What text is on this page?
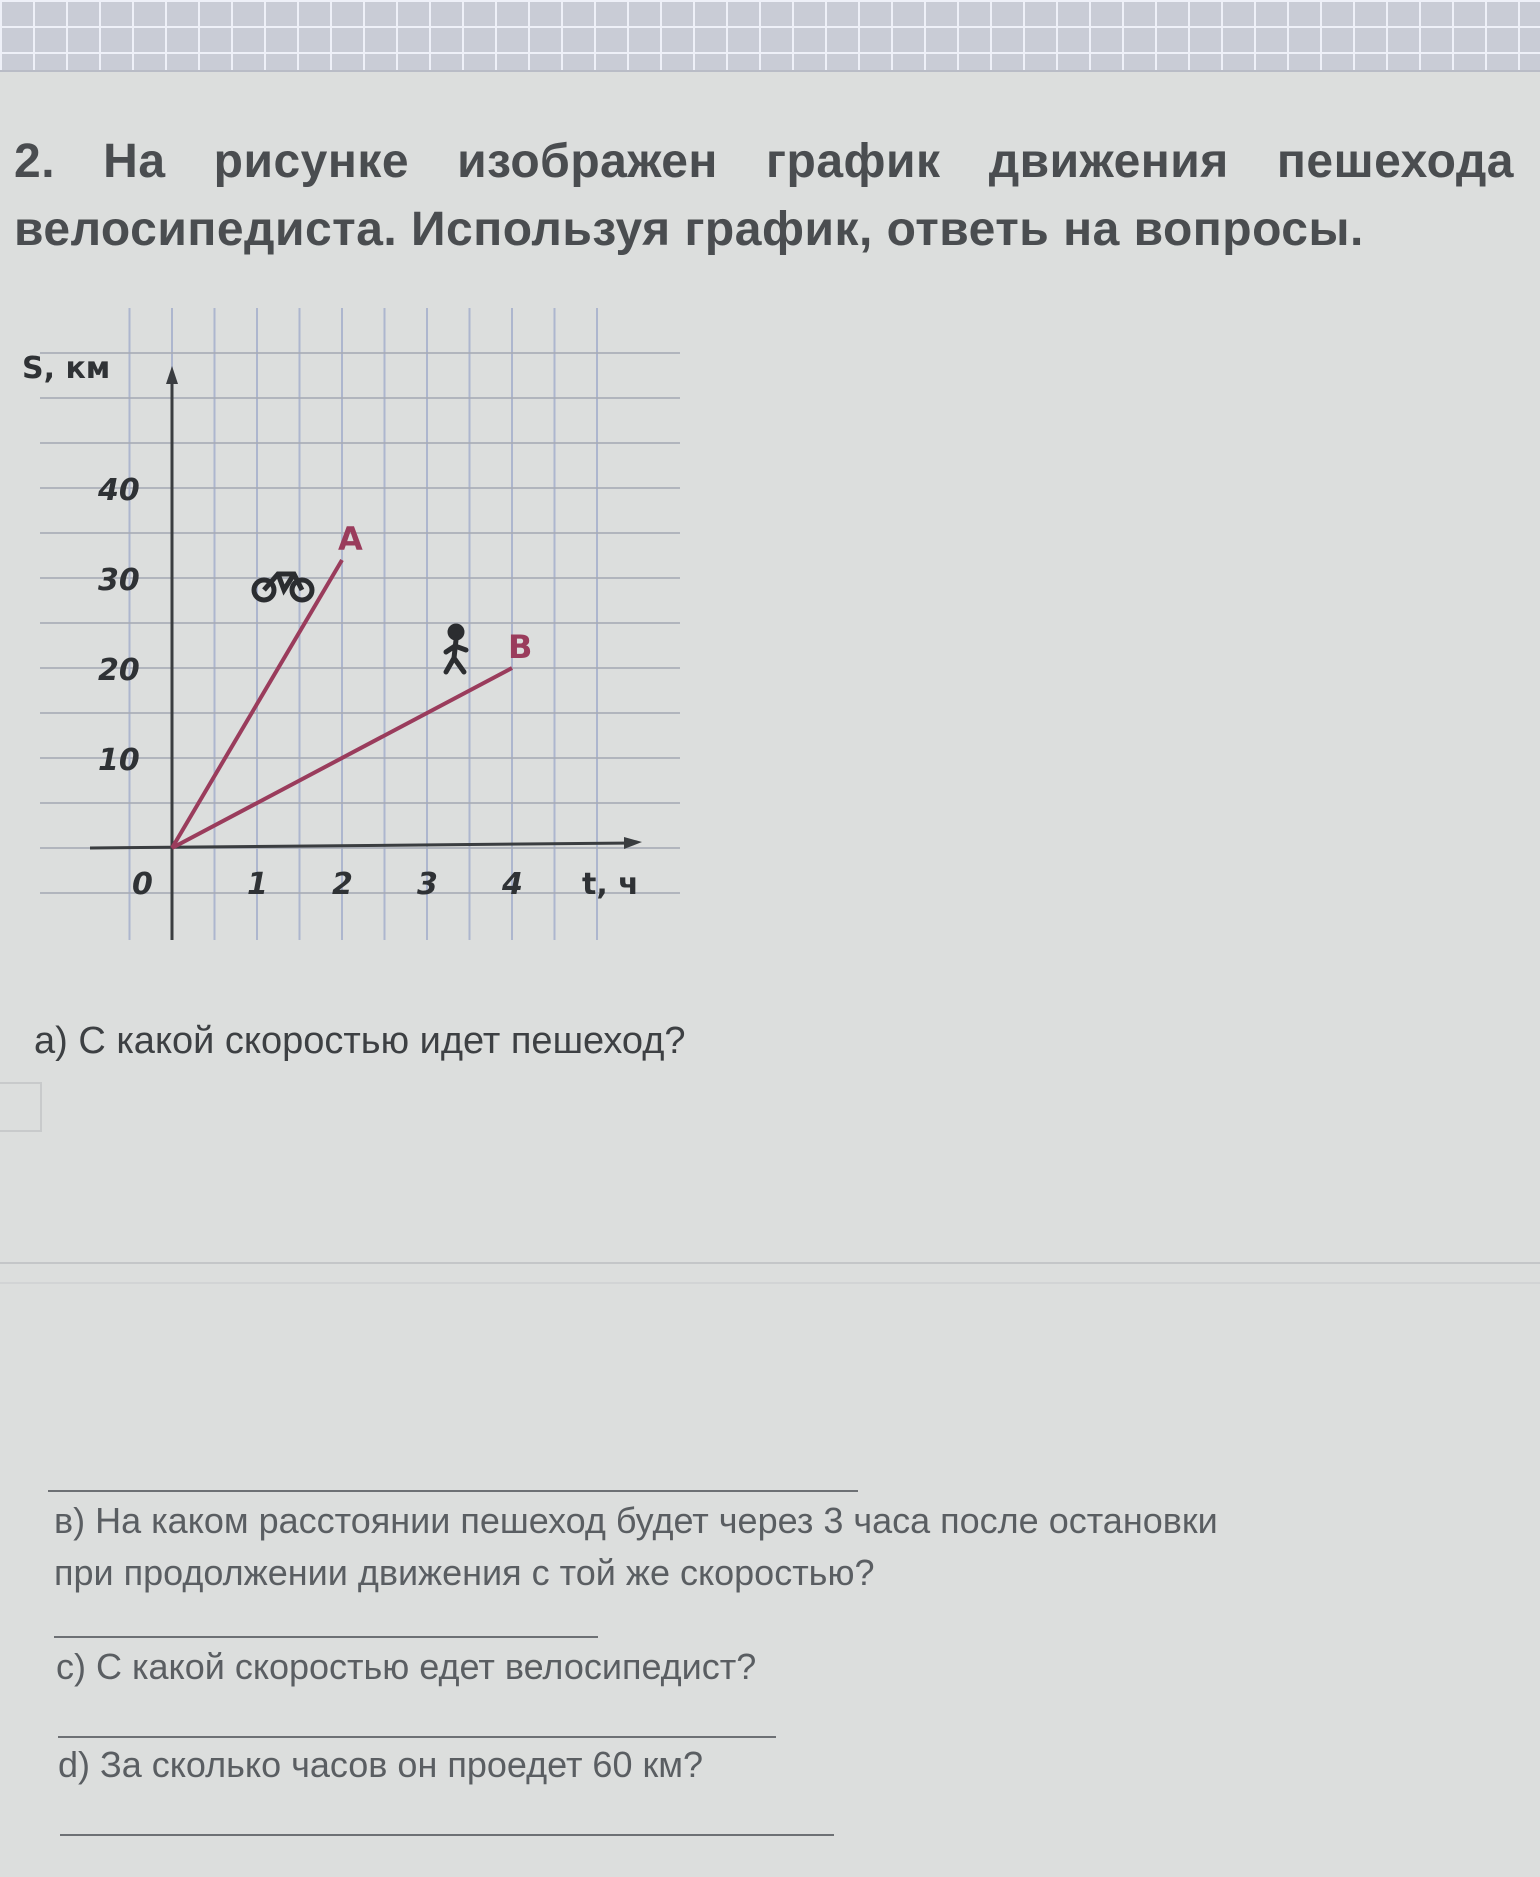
2. На рисунке изображен график движения пешехода велосипедиста. Используя график, ответь на вопросы.
0	1 2 3 4
10
20
30
40
S, км
t, ч
A
B
а) С какой скоростью идет пешеход?
в) На каком расстоянии пешеход будет через 3 часа после остановки
при продолжении движения с той же скоростью?
с) С какой скоростью едет велосипедист?
d) За сколько часов он проедет 60 км?
